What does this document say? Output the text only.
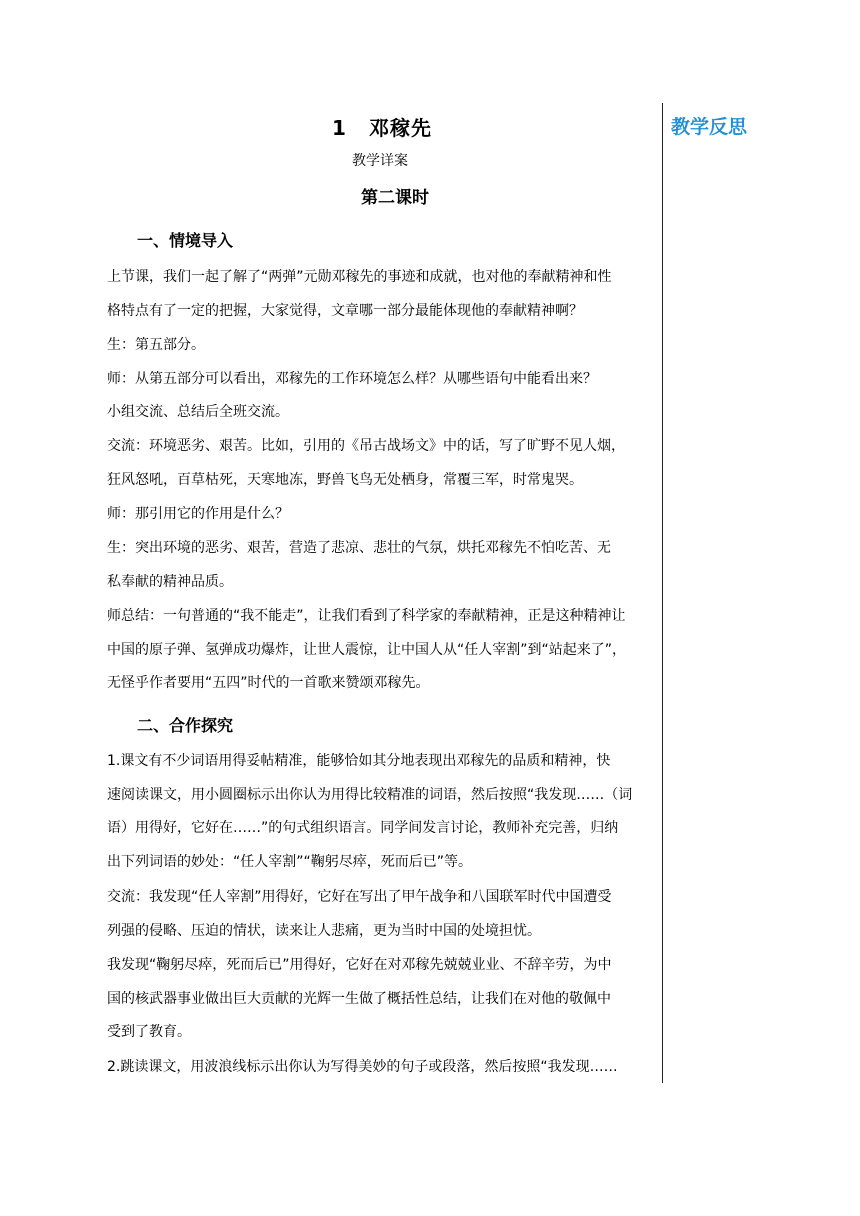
教学反思
1 邓稼先
教学详案
第二课时
一、情境导入
上节课，我们一起了解了“两弹”元勋邓稼先的事迹和成就，也对他的奉献精神和性
格特点有了一定的把握，大家觉得，文章哪一部分最能体现他的奉献精神啊？
生：第五部分。
师：从第五部分可以看出，邓稼先的工作环境怎么样？从哪些语句中能看出来？
小组交流、总结后全班交流。
交流：环境恶劣、艰苦。比如，引用的《吊古战场文》中的话，写了旷野不见人烟，
狂风怒吼，百草枯死，天寒地冻，野兽飞鸟无处栖身，常覆三军，时常鬼哭。
师：那引用它的作用是什么？
生：突出环境的恶劣、艰苦，营造了悲凉、悲壮的气氛，烘托邓稼先不怕吃苦、无
私奉献的精神品质。
师总结：一句普通的“我不能走”，让我们看到了科学家的奉献精神，正是这种精神让
中国的原子弹、氢弹成功爆炸，让世人震惊，让中国人从“任人宰割”到“站起来了”，
无怪乎作者要用“五四”时代的一首歌来赞颂邓稼先。
二、合作探究
1.课文有不少词语用得妥帖精准，能够恰如其分地表现出邓稼先的品质和精神，快
速阅读课文，用小圆圈标示出你认为用得比较精准的词语，然后按照“我发现……（词
语）用得好，它好在……”的句式组织语言。同学间发言讨论，教师补充完善，归纳
出下列词语的妙处：“任人宰割”“鞠躬尽瘁，死而后已”等。
交流：我发现“任人宰割”用得好，它好在写出了甲午战争和八国联军时代中国遭受
列强的侵略、压迫的情状，读来让人悲痛，更为当时中国的处境担忧。
我发现“鞠躬尽瘁，死而后已”用得好，它好在对邓稼先兢兢业业、不辞辛劳，为中
国的核武器事业做出巨大贡献的光辉一生做了概括性总结，让我们在对他的敬佩中
受到了教育。
2.跳读课文，用波浪线标示出你认为写得美妙的句子或段落，然后按照“我发现……
